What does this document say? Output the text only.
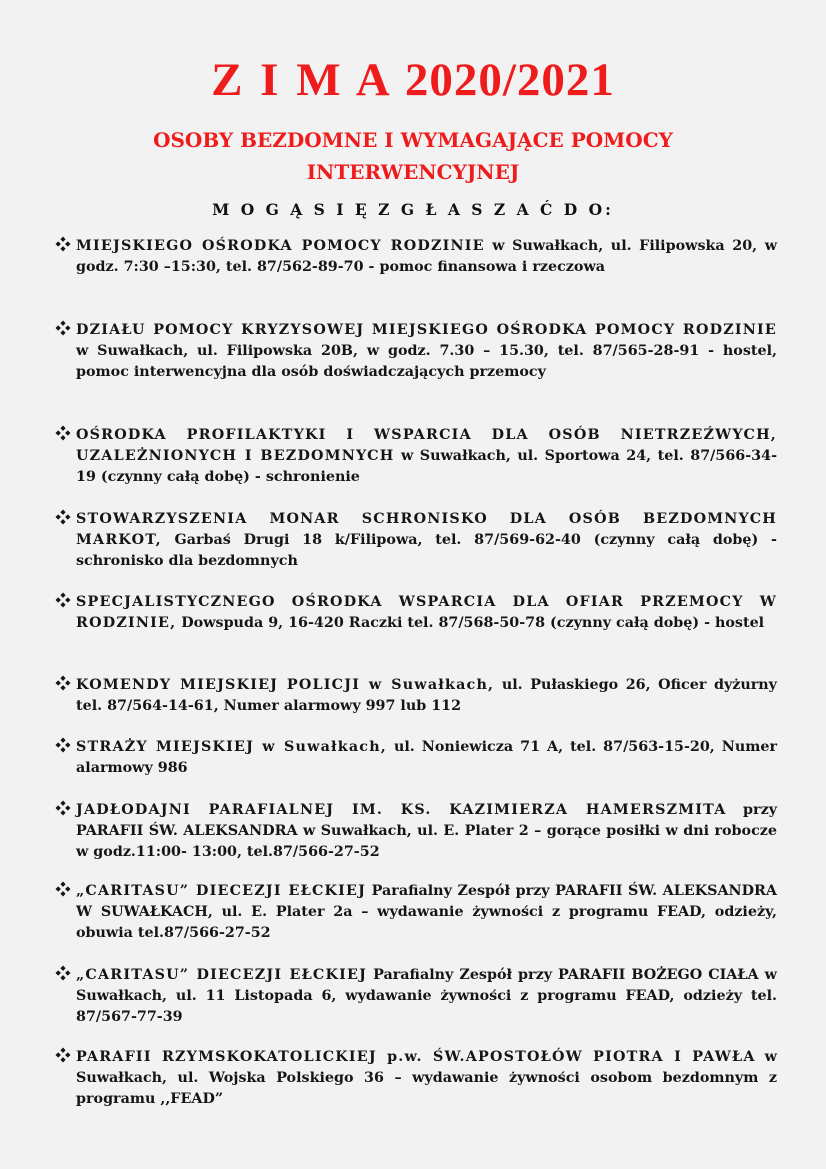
Z I M A 2020/2021
OSOBY BEZDOMNE I WYMAGAJĄCE POMOCY INTERWENCYJNEJ
M O G Ą S I Ę Z G Ł A S Z A Ć D O:
MIEJSKIEGO OŚRODKA POMOCY RODZINIE w Suwałkach, ul. Filipowska 20, w godz. 7:30 –15:30, tel. 87/562-89-70 - pomoc finansowa i rzeczowa
DZIAŁU POMOCY KRYZYSOWEJ MIEJSKIEGO OŚRODKA POMOCY RODZINIE w Suwałkach, ul. Filipowska 20B, w godz. 7.30 – 15.30, tel. 87/565-28-91 - hostel, pomoc interwencyjna dla osób doświadczających przemocy
OŚRODKA PROFILAKTYKI I WSPARCIA DLA OSÓB NIETRZEŹWYCH, UZALEŻNIONYCH I BEZDOMNYCH w Suwałkach, ul. Sportowa 24, tel. 87/566-34-19 (czynny całą dobę) - schronienie
STOWARZYSZENIA MONAR SCHRONISKO DLA OSÓB BEZDOMNYCH MARKOT, Garbaś Drugi 18 k/Filipowa, tel. 87/569-62-40 (czynny całą dobę) - schronisko dla bezdomnych
SPECJALISTYCZNEGO OŚRODKA WSPARCIA DLA OFIAR PRZEMOCY W RODZINIE, Dowspuda 9, 16-420 Raczki tel. 87/568-50-78 (czynny całą dobę) - hostel
KOMENDY MIEJSKIEJ POLICJI w Suwałkach, ul. Pułaskiego 26, Oficer dyżurny tel. 87/564-14-61, Numer alarmowy 997 lub 112
STRAŻY MIEJSKIEJ w Suwałkach, ul. Noniewicza 71 A, tel. 87/563-15-20, Numer alarmowy 986
JADŁODAJNI PARAFIALNEJ IM. KS. KAZIMIERZA HAMERSZMITA przy PARAFII ŚW. ALEKSANDRA w Suwałkach, ul. E. Plater 2 – gorące posiłki w dni robocze w godz.11:00- 13:00, tel.87/566-27-52
„CARITASU” DIECEZJI EŁCKIEJ Parafialny Zespół przy PARAFII ŚW. ALEKSANDRA W SUWAŁKACH, ul. E. Plater 2a – wydawanie żywności z programu FEAD, odzieży, obuwia tel.87/566-27-52
„CARITASU” DIECEZJI EŁCKIEJ Parafialny Zespół przy PARAFII BOŻEGO CIAŁA w Suwałkach, ul. 11 Listopada 6, wydawanie żywności z programu FEAD, odzieży tel. 87/567-77-39
PARAFII RZYMSKOKATOLICKIEJ p.w. ŚW.APOSTOŁÓW PIOTRA I PAWŁA w Suwałkach, ul. Wojska Polskiego 36 – wydawanie żywności osobom bezdomnym z programu ,,FEAD”
